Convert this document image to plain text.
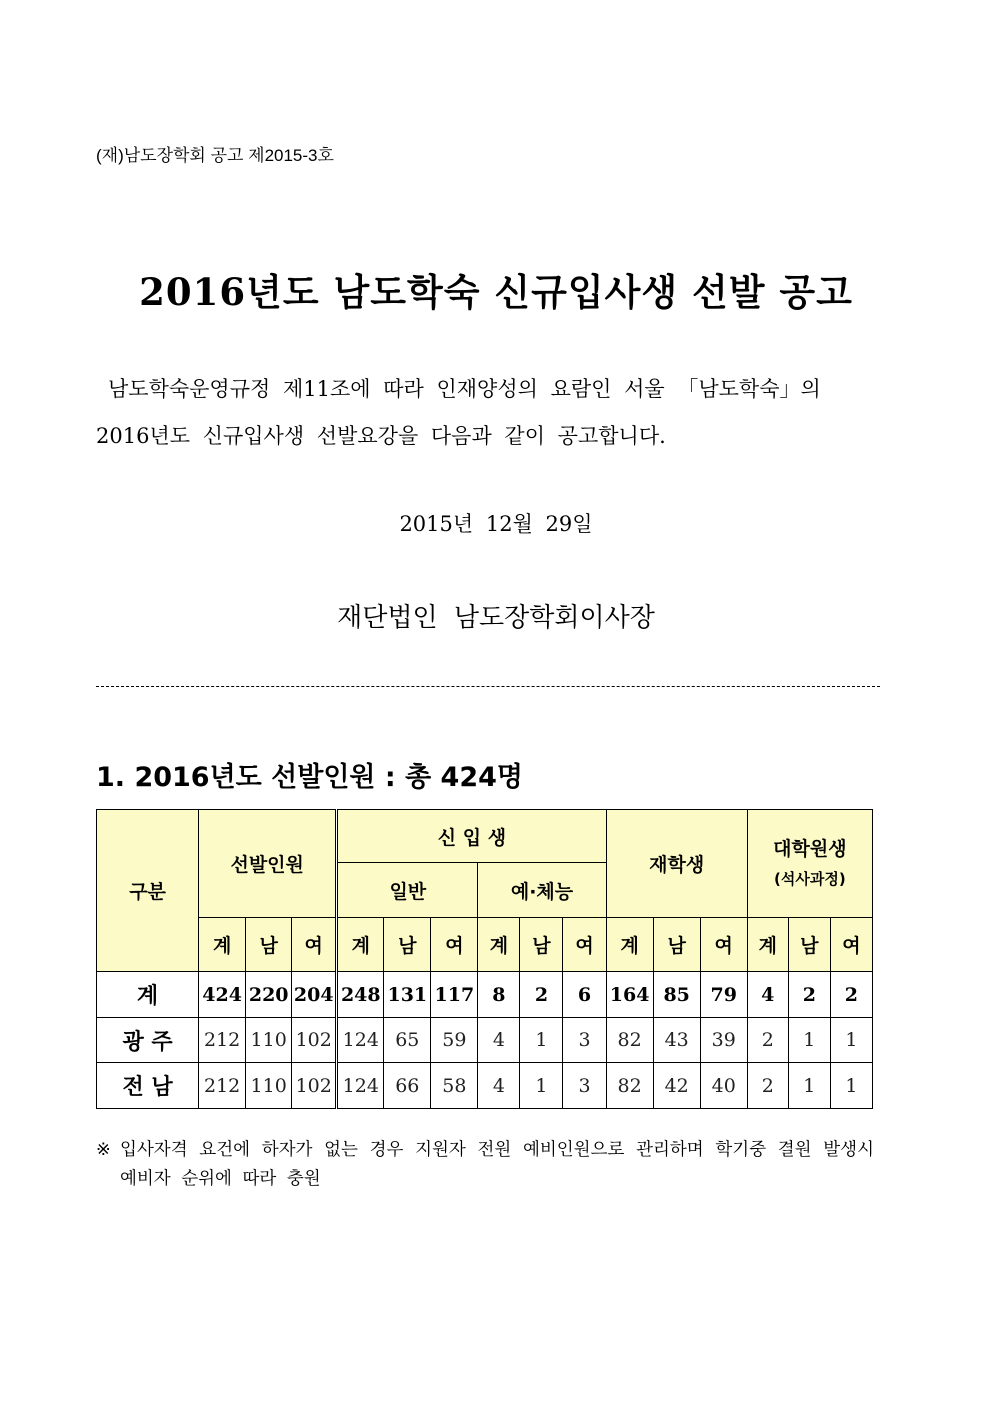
(재)남도장학회 공고 제2015-3호
2016년도 남도학숙 신규입사생 선발 공고
남도학숙운영규정 제11조에 따라 인재양성의 요람인 서울 「남도학숙」의
2016년도 신규입사생 선발요강을 다음과 같이 공고합니다.
2015년 12월 29일
재단법인 남도장학회이사장
1. 2016년도 선발인원 : 총 424명
구분	선발인원			신 입 생						재학생			대학원생
(석사과정)		

				일반			예·체능								
	계	남	여	계	남	여	계	남	여	계	남	여	계	남	여
계	424	220	204	248	131	117	8	2	6	164	85	79	4	2	2
광 주	212	110	102	124	65	59	4	1	3	82	43	39	2	1	1
전 남	212	110	102	124	66	58	4	1	3	82	42	40	2	1	1
※ 입사자격 요건에 하자가 없는 경우 지원자 전원 예비인원으로 관리하며 학기중 결원 발생시 예비자 순위에 따라 충원
